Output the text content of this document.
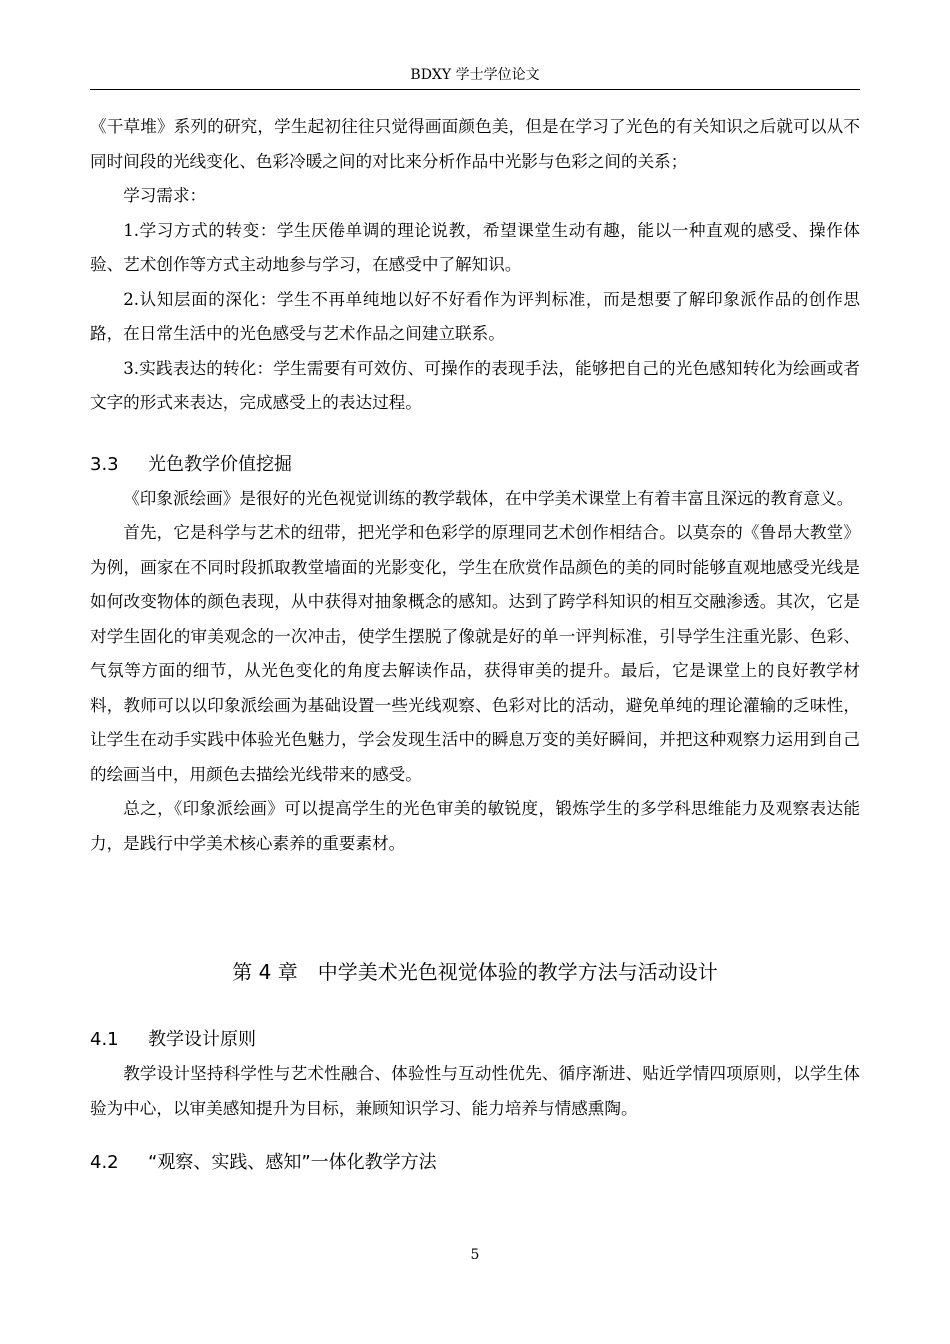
BDXY 学士学位论文

《干草堆》系列的研究，学生起初往往只觉得画面颜色美，但是在学习了光色的有关知识之后就可以从不同时间段的光线变化、色彩冷暖之间的对比来分析作品中光影与色彩之间的关系；

学习需求：

1.学习方式的转变：学生厌倦单调的理论说教，希望课堂生动有趣，能以一种直观的感受、操作体验、艺术创作等方式主动地参与学习，在感受中了解知识。

2.认知层面的深化：学生不再单纯地以好不好看作为评判标准，而是想要了解印象派作品的创作思路，在日常生活中的光色感受与艺术作品之间建立联系。

3.实践表达的转化：学生需要有可效仿、可操作的表现手法，能够把自己的光色感知转化为绘画或者文字的形式来表达，完成感受上的表达过程。

3.3 光色教学价值挖掘

《印象派绘画》是很好的光色视觉训练的教学载体，在中学美术课堂上有着丰富且深远的教育意义。

首先，它是科学与艺术的纽带，把光学和色彩学的原理同艺术创作相结合。以莫奈的《鲁昂大教堂》为例，画家在不同时段抓取教堂墙面的光影变化，学生在欣赏作品颜色的美的同时能够直观地感受光线是如何改变物体的颜色表现，从中获得对抽象概念的感知。达到了跨学科知识的相互交融渗透。其次，它是对学生固化的审美观念的一次冲击，使学生摆脱了像就是好的单一评判标准，引导学生注重光影、色彩、气氛等方面的细节，从光色变化的角度去解读作品，获得审美的提升。最后，它是课堂上的良好教学材料，教师可以以印象派绘画为基础设置一些光线观察、色彩对比的活动，避免单纯的理论灌输的乏味性，让学生在动手实践中体验光色魅力，学会发现生活中的瞬息万变的美好瞬间，并把这种观察力运用到自己的绘画当中，用颜色去描绘光线带来的感受。

总之，《印象派绘画》可以提高学生的光色审美的敏锐度，锻炼学生的多学科思维能力及观察表达能力，是践行中学美术核心素养的重要素材。

第 4 章　中学美术光色视觉体验的教学方法与活动设计
4.1 教学设计原则

教学设计坚持科学性与艺术性融合、体验性与互动性优先、循序渐进、贴近学情四项原则，以学生体验为中心，以审美感知提升为目标，兼顾知识学习、能力培养与情感熏陶。

4.2 “观察、实践、感知”一体化教学方法
5
